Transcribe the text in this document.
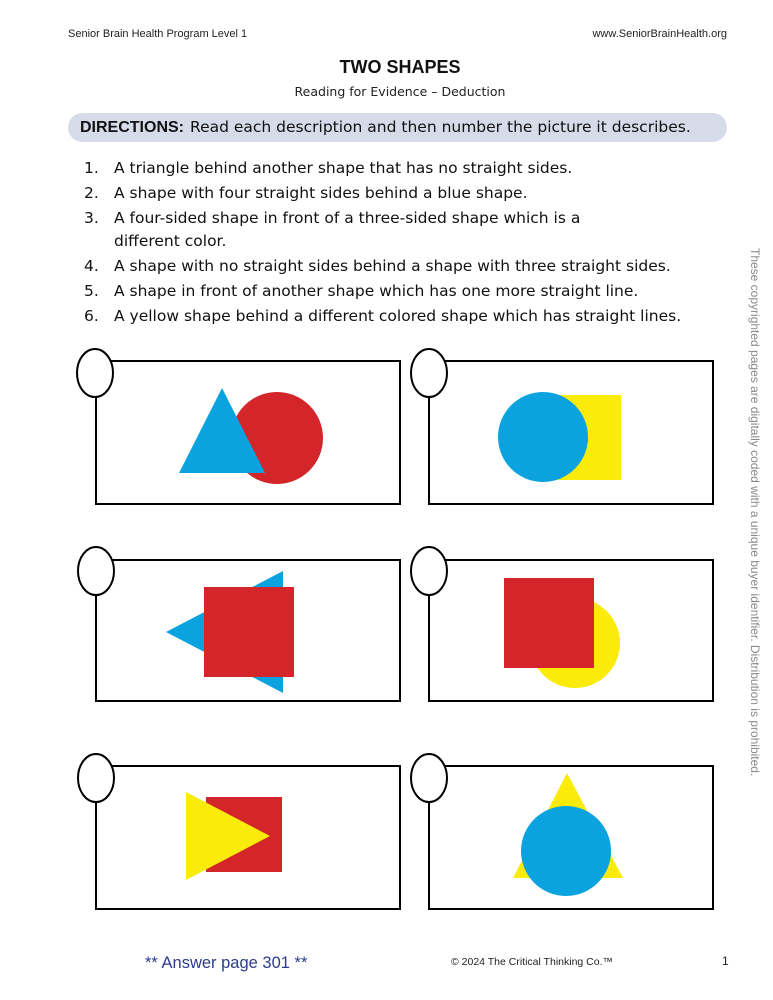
Senior Brain Health Program Level 1	www.SeniorBrainHealth.org
TWO SHAPES
Reading for Evidence – Deduction
DIRECTIONS: Read each description and then number the picture it describes.
1. A triangle behind another shape that has no straight sides.
2. A shape with four straight sides behind a blue shape.
3. A four-sided shape in front of a three-sided shape which is a different color.
4. A shape with no straight sides behind a shape with three straight sides.
5. A shape in front of another shape which has one more straight line.
6. A yellow shape behind a different colored shape which has straight lines.	These copyrighted pages are digitally coded with a unique buyer identifier. Distribution is prohibited.
** Answer page 301 **	© 2024 The Critical Thinking Co.™	1
